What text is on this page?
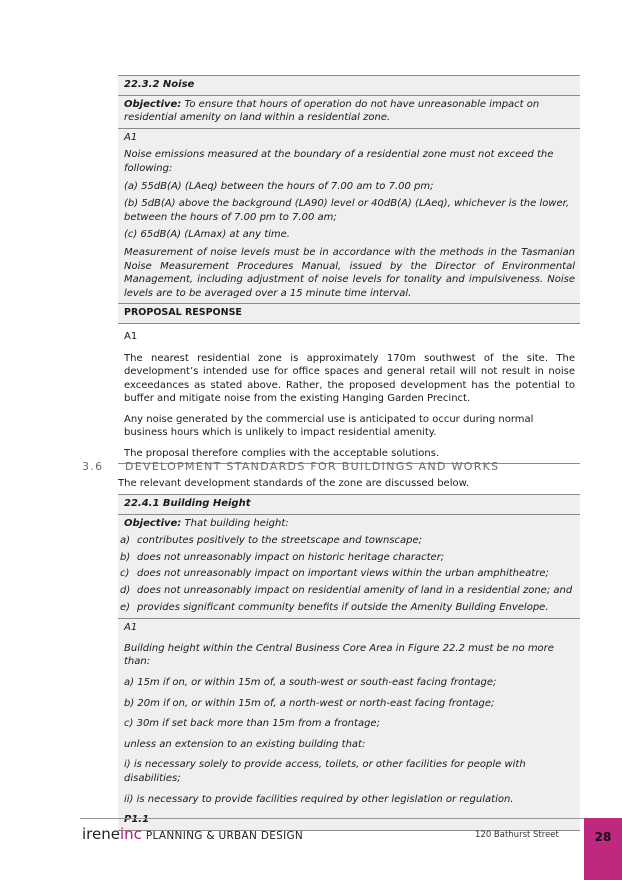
22.3.2 Noise
Objective: To ensure that hours of operation do not have unreasonable impact on residential amenity on land within a residential zone.
A1
Noise emissions measured at the boundary of a residential zone must not exceed the following:
(a) 55dB(A) (LAeq) between the hours of 7.00 am to 7.00 pm;
(b) 5dB(A) above the background (LA90) level or 40dB(A) (LAeq), whichever is the lower, between the hours of 7.00 pm to 7.00 am;
(c) 65dB(A) (LAmax) at any time.
Measurement of noise levels must be in accordance with the methods in the Tasmanian Noise Measurement Procedures Manual, issued by the Director of Environmental Management, including adjustment of noise levels for tonality and impulsiveness. Noise levels are to be averaged over a 15 minute time interval.
PROPOSAL RESPONSE
A1
The nearest residential zone is approximately 170m southwest of the site. The development’s intended use for office spaces and general retail will not result in noise exceedances as stated above. Rather, the proposed development has the potential to buffer and mitigate noise from the existing Hanging Garden Precinct.
Any noise generated by the commercial use is anticipated to occur during normal business hours which is unlikely to impact residential amenity.
The proposal therefore complies with the acceptable solutions.
3.6 DEVELOPMENT STANDARDS FOR BUILDINGS AND WORKS
The relevant development standards of the zone are discussed below.
22.4.1 Building Height
Objective: That building height:
a) contributes positively to the streetscape and townscape;
b) does not unreasonably impact on historic heritage character;
c) does not unreasonably impact on important views within the urban amphitheatre;
d) does not unreasonably impact on residential amenity of land in a residential zone; and
e) provides significant community benefits if outside the Amenity Building Envelope.
A1
Building height within the Central Business Core Area in Figure 22.2 must be no more than:
a) 15m if on, or within 15m of, a south-west or south-east facing frontage;
b) 20m if on, or within 15m of, a north-west or north-east facing frontage;
c) 30m if set back more than 15m from a frontage;
unless an extension to an existing building that:
i) is necessary solely to provide access, toilets, or other facilities for people with disabilities;
ii) is necessary to provide facilities required by other legislation or regulation.
P1.1
ireneinc PLANNING & URBAN DESIGN	120 Bathurst Street	28
